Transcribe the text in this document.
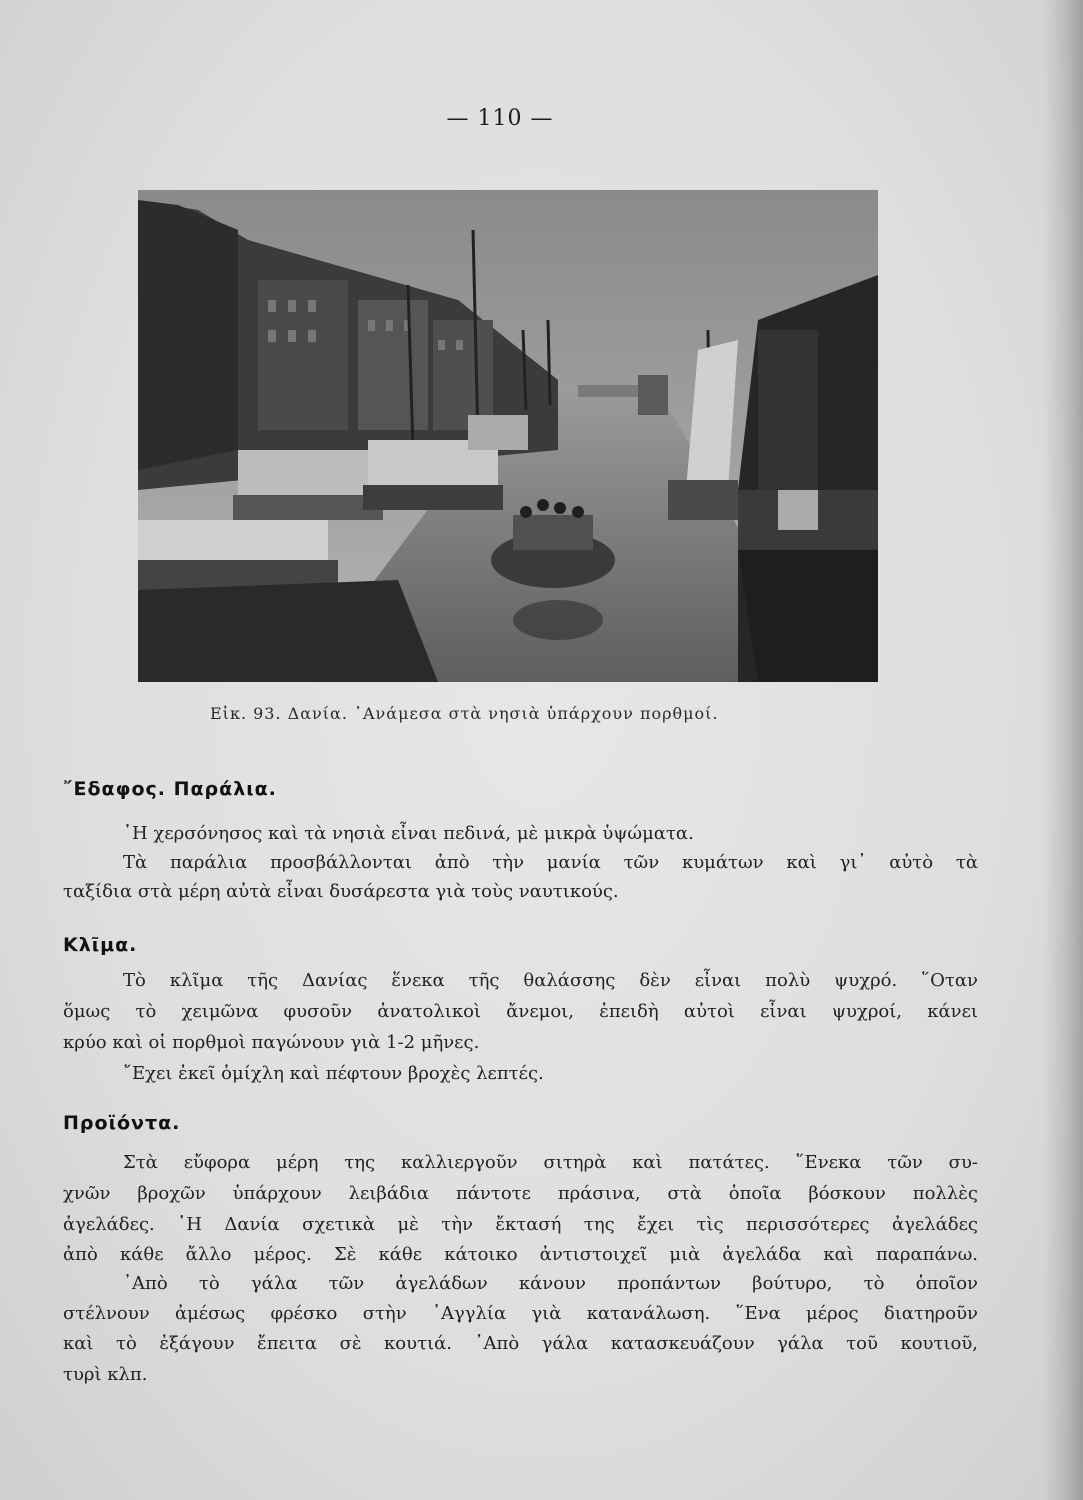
— 110 —
Εἰκ. 93. Δανία. ᾿Ανάμεσα στὰ νησιὰ ὑπάρχουν πορθμοί.
῎Εδαφος. Παράλια.
῾Η χερσόνησος καὶ τὰ νησιὰ εἶναι πεδινά, μὲ μικρὰ ὑψώματα.
Τὰ παράλια προσβάλλονται ἀπὸ τὴν μανία τῶν κυμάτων καὶ γι᾿ αὐτὸ τὰ
ταξίδια στὰ μέρη αὐτὰ εἶναι δυσάρεστα γιὰ τοὺς ναυτικούς.
Κλῖμα.
Τὸ κλῖμα τῆς Δανίας ἕνεκα τῆς θαλάσσης δὲν εἶναι πολὺ ψυχρό. ῞Οταν
ὅμως τὸ χειμῶνα φυσοῦν ἀνατολικοὶ ἄνεμοι, ἐπειδὴ αὐτοὶ εἶναι ψυχροί, κάνει
κρύο καὶ οἱ πορθμοὶ παγώνουν γιὰ 1-2 μῆνες.
῎Εχει ἐκεῖ ὁμίχλη καὶ πέφτουν βροχὲς λεπτές.
Προϊόντα.
Στὰ εὔφορα μέρη της καλλιεργοῦν σιτηρὰ καὶ πατάτες. ῞Ενεκα τῶν συ-
χνῶν βροχῶν ὑπάρχουν λειβάδια πάντοτε πράσινα, στὰ ὁποῖα βόσκουν πολλὲς
ἀγελάδες. ῾Η Δανία σχετικὰ μὲ τὴν ἔκτασή της ἔχει τὶς περισσότερες ἀγελάδες
ἀπὸ κάθε ἄλλο μέρος. Σὲ κάθε κάτοικο ἀντιστοιχεῖ μιὰ ἀγελάδα καὶ παραπάνω.
᾿Απὸ τὸ γάλα τῶν ἀγελάδων κάνουν προπάντων βούτυρο, τὸ ὁποῖον
στέλνουν ἀμέσως φρέσκο στὴν ᾿Αγγλία γιὰ κατανάλωση. ῞Ενα μέρος διατηροῦν
καὶ τὸ ἐξάγουν ἔπειτα σὲ κουτιά. ᾿Απὸ γάλα κατασκευάζουν γάλα τοῦ κουτιοῦ,
τυρὶ κλπ.
